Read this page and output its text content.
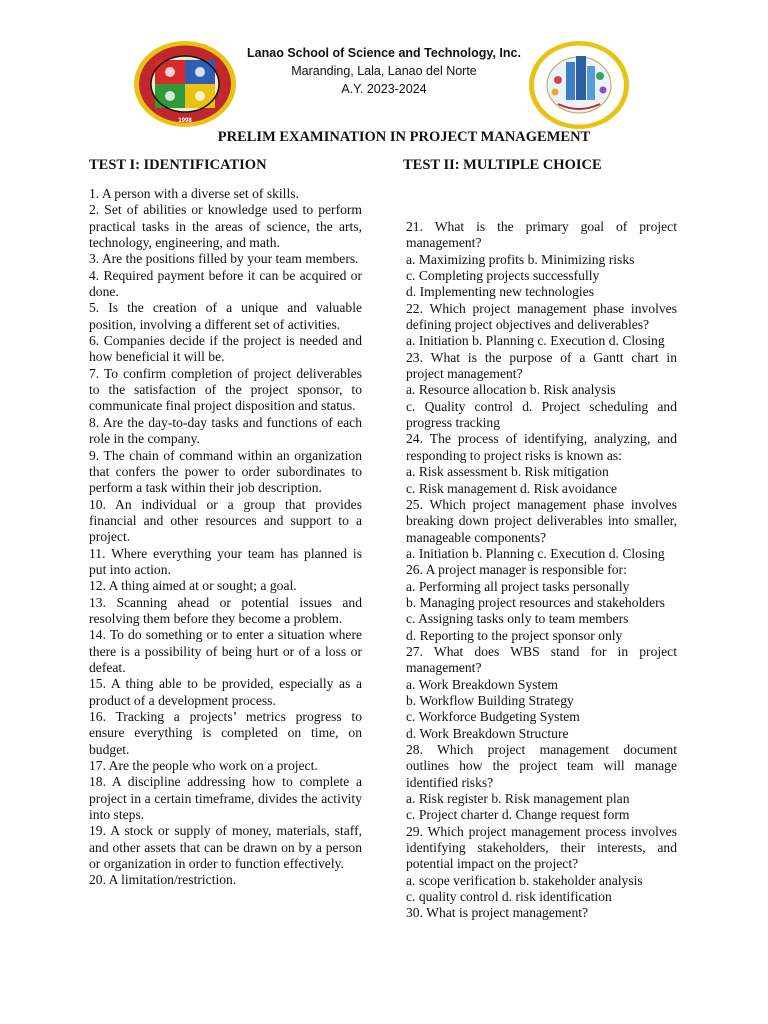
1998
Lanao School of Science and Technology, Inc.
Maranding, Lala, Lanao del Norte
A.Y. 2023-2024
PRELIM EXAMINATION IN PROJECT MANAGEMENT
TEST I: IDENTIFICATION	TEST II: MULTIPLE CHOICE

1. A person with a diverse set of skills.

2. Set of abilities or knowledge used to perform practical tasks in the areas of science, the arts, technology, engineering, and math.

3. Are the positions filled by your team members.

4. Required payment before it can be acquired or done.

5. Is the creation of a unique and valuable position, involving a different set of activities.

6. Companies decide if the project is needed and how beneficial it will be.

7. To confirm completion of project deliverables to the satisfaction of the project sponsor, to communicate final project disposition and status.

8. Are the day-to-day tasks and functions of each role in the company.

9. The chain of command within an organization that confers the power to order subordinates to perform a task within their job description.

10. An individual or a group that provides financial and other resources and support to a project.

11. Where everything your team has planned is put into action.

12. A thing aimed at or sought; a goal.

13. Scanning ahead or potential issues and resolving them before they become a problem.

14. To do something or to enter a situation where there is a possibility of being hurt or of a loss or defeat.

15. A thing able to be provided, especially as a product of a development process.

16. Tracking a projects’ metrics progress to ensure everything is completed on time, on budget.

17. Are the people who work on a project.

18. A discipline addressing how to complete a project in a certain timeframe, divides the activity into steps.

19. A stock or supply of money, materials, staff, and other assets that can be drawn on by a person or organization in order to function effectively.

20. A limitation/restriction.

21. What is the primary goal of project management?

a. Maximizing profits b. Minimizing risks

c. Completing projects successfully

d. Implementing new technologies

22. Which project management phase involves defining project objectives and deliverables?

a. Initiation b. Planning c. Execution d. Closing

23. What is the purpose of a Gantt chart in project management?

a. Resource allocation b. Risk analysis

c. Quality control d. Project scheduling and progress tracking

24. The process of identifying, analyzing, and responding to project risks is known as:

a. Risk assessment b. Risk mitigation

c. Risk management d. Risk avoidance

25. Which project management phase involves breaking down project deliverables into smaller, manageable components?

a. Initiation b. Planning c. Execution d. Closing

26. A project manager is responsible for:

a. Performing all project tasks personally

b. Managing project resources and stakeholders

c. Assigning tasks only to team members

d. Reporting to the project sponsor only

27. What does WBS stand for in project management?

a. Work Breakdown System

b. Workflow Building Strategy

c. Workforce Budgeting System

d. Work Breakdown Structure

28. Which project management document outlines how the project team will manage identified risks?

a. Risk register b. Risk management plan

c. Project charter d. Change request form

29. Which project management process involves identifying stakeholders, their interests, and potential impact on the project?

a. scope verification b. stakeholder analysis

c. quality control d. risk identification

30. What is project management?
